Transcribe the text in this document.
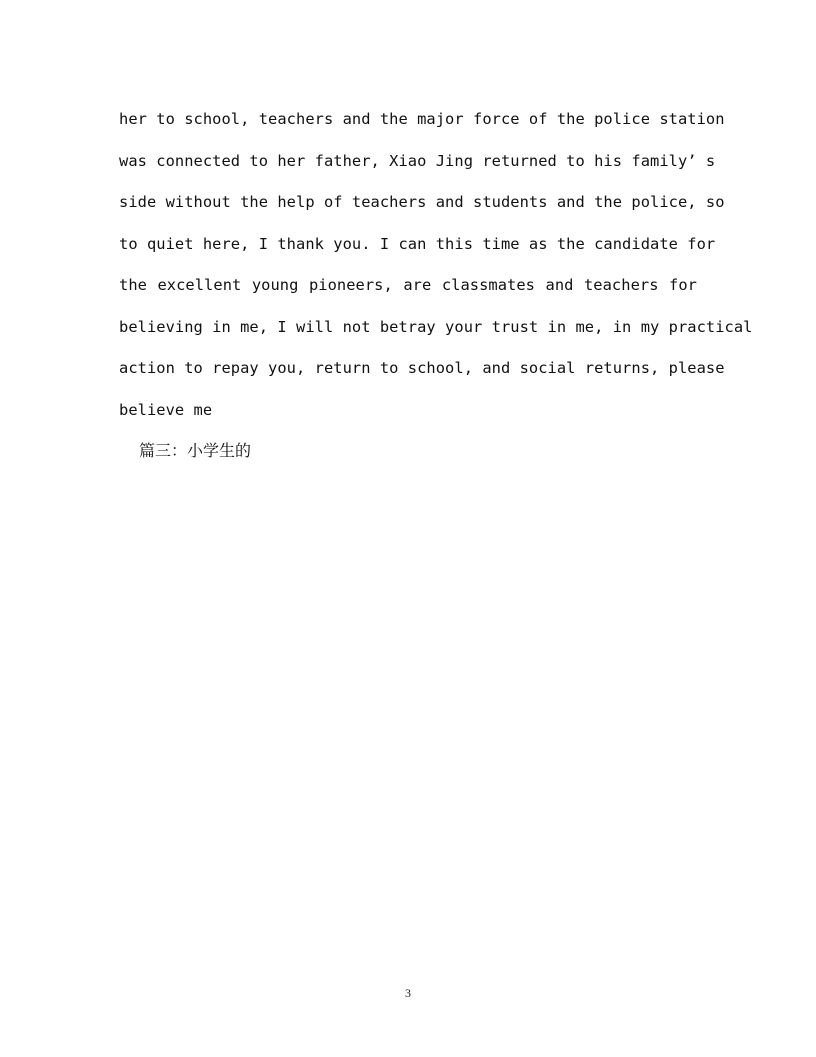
her to school, teachers and the major force of the police station
was connected to her father, Xiao Jing returned to his family’ s
side without the help of teachers and students and the police, so
to quiet here, I thank you. I can this time as the candidate for
the excellent young pioneers, are classmates and teachers for
believing in me, I will not betray your trust in me, in my practical
action to repay you, return to school, and social returns, please
believe me
篇三：小学生的
3
